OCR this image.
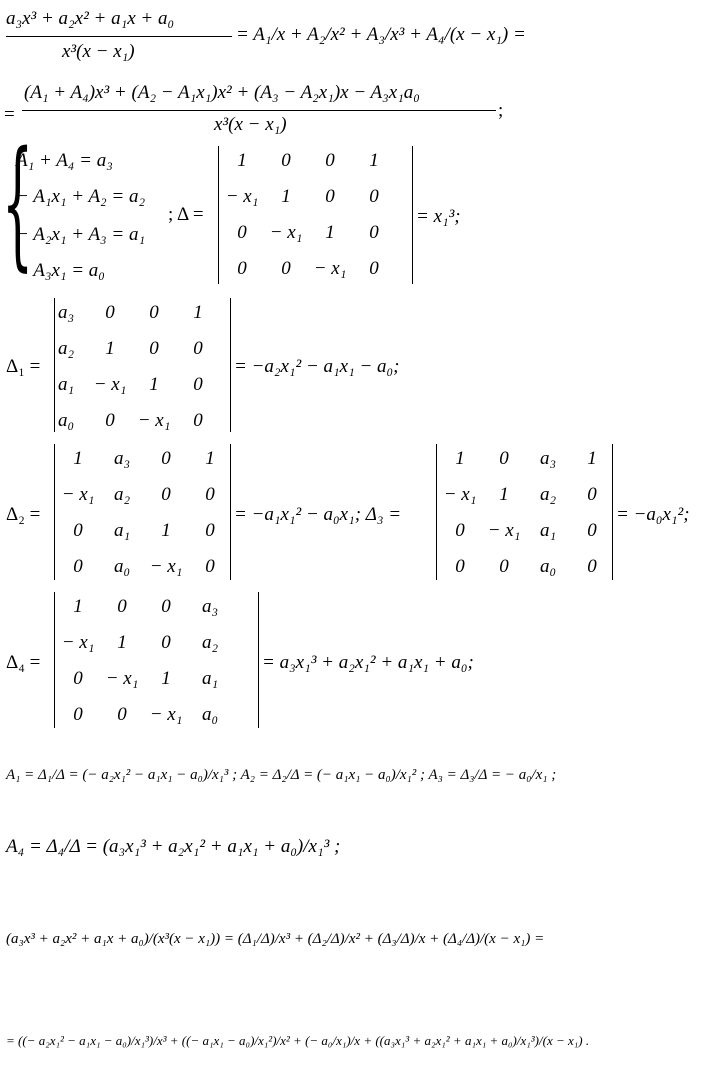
a₃x³ + a₂x² + a₁x + a₀
x³(x − x₁)
= A₁/x + A₂/x² + A₃/x³ + A₄/(x − x₁) =
=
(A₁ + A₄)x³ + (A₂ − A₁x₁)x² + (A₃ − A₂x₁)x − A₃x₁a₀
x³(x − x₁)
;
{
A₁ + A₄ = a₃
− A₁x₁ + A₂ = a₂
− A₂x₁ + A₃ = a₁
− A₃x₁ = a₀
; Δ =
1	0	0	1
− x₁	1	0	0
0	− x₁	1	0
0	0	− x₁	0
= x₁³;
Δ₁ =
a₃	0	0	1
a₂	1	0	0
a₁	− x₁	1	0
a₀	0	− x₁	0
= −a₂x₁² − a₁x₁ − a₀;
Δ₂ =
1	a₃	0	1
− x₁	a₂	0	0
0	a₁	1	0
0	a₀	− x₁	0
= −a₁x₁² − a₀x₁; Δ₃ =
1	0	a₃	1
− x₁	1	a₂	0
0	− x₁	a₁	0
0	0	a₀	0
= −a₀x₁²;
Δ₄ =
1	0	0	a₃
− x₁	1	0	a₂
0	− x₁	1	a₁
0	0	− x₁	a₀
= a₃x₁³ + a₂x₁² + a₁x₁ + a₀;
A₁ = Δ₁/Δ = (− a₂x₁² − a₁x₁ − a₀)/x₁³ ; A₂ = Δ₂/Δ = (− a₁x₁ − a₀)/x₁² ; A₃ = Δ₃/Δ = − a₀/x₁ ;
A₄ = Δ₄/Δ = (a₃x₁³ + a₂x₁² + a₁x₁ + a₀)/x₁³ ;
(a₃x³ + a₂x² + a₁x + a₀)/(x³(x − x₁)) = (Δ₁/Δ)/x³ + (Δ₂/Δ)/x² + (Δ₃/Δ)/x + (Δ₄/Δ)/(x − x₁) =
= ((− a₂x₁² − a₁x₁ − a₀)/x₁³)/x³ + ((− a₁x₁ − a₀)/x₁²)/x² + (− a₀/x₁)/x + ((a₃x₁³ + a₂x₁² + a₁x₁ + a₀)/x₁³)/(x − x₁) .
